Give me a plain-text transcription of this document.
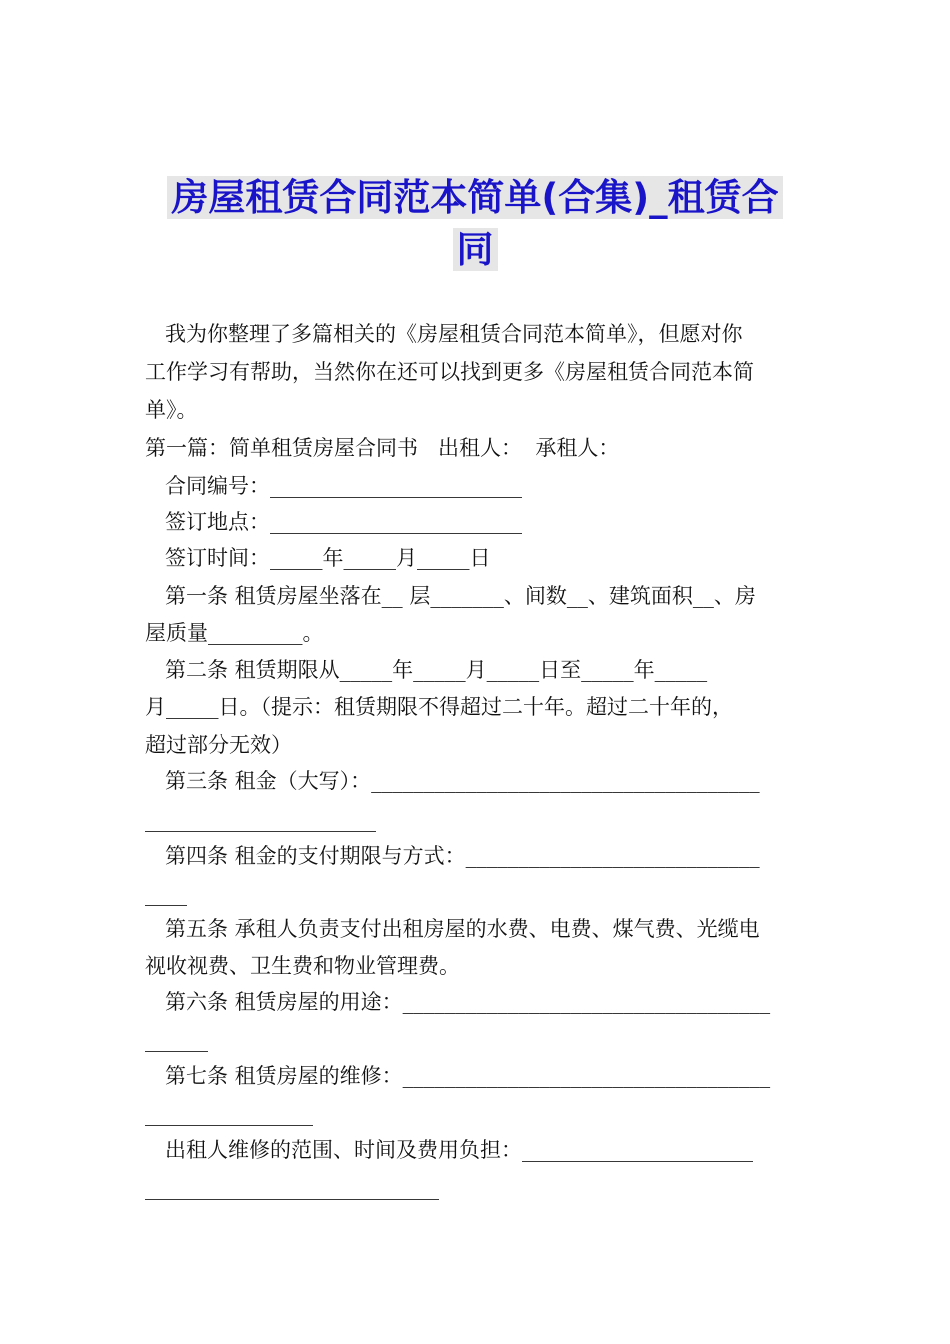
房屋租赁合同范本简单(合集)_租赁合
同
我为你整理了多篇相关的《房屋租赁合同范本简单》，但愿对你
工作学习有帮助，当然你在还可以找到更多《房屋租赁合同范本简
单》。
第一篇：简单租赁房屋合同书   出租人：  承租人：
合同编号：________________________
签订地点：________________________
签订时间：_____年_____月_____日
第一条 租赁房屋坐落在__ 层_______、间数__、建筑面积__、房
屋质量_________。
第二条 租赁期限从_____年_____月_____日至_____年_____
月_____日。（提示：租赁期限不得超过二十年。超过二十年的，
超过部分无效）
第三条 租金（大写）：_____________________________________
______________________
第四条 租金的支付期限与方式：____________________________
____
第五条 承租人负责支付出租房屋的水费、电费、煤气费、光缆电
视收视费、卫生费和物业管理费。
第六条 租赁房屋的用途：___________________________________
______
第七条 租赁房屋的维修：___________________________________
________________
出租人维修的范围、时间及费用负担：______________________
____________________________
